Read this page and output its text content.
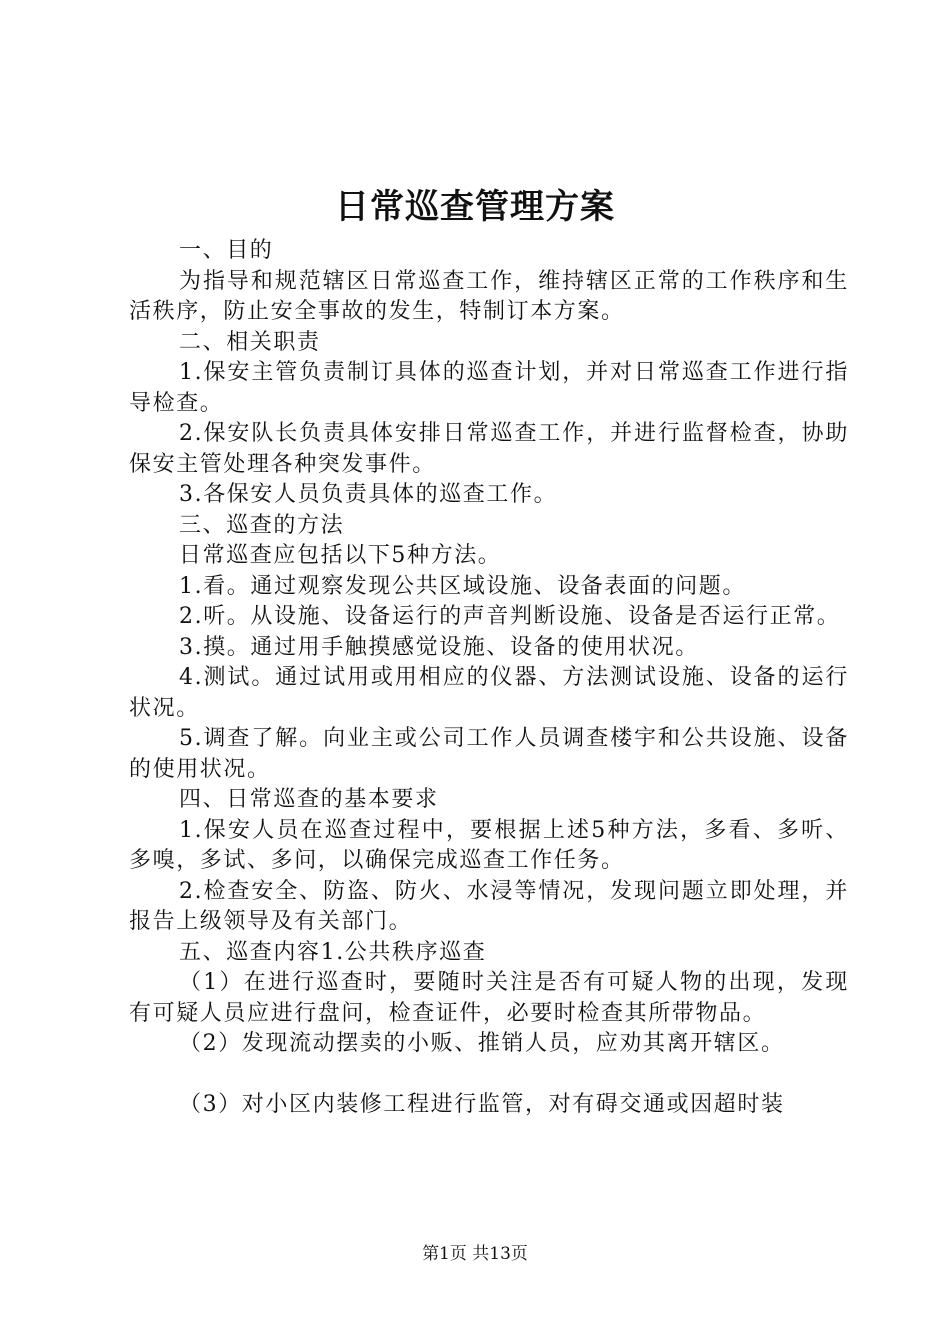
日常巡查管理方案

一、目的

为指导和规范辖区日常巡查工作，维持辖区正常的工作秩序和生活秩序，防止安全事故的发生，特制订本方案。

二、相关职责

1.保安主管负责制订具体的巡查计划，并对日常巡查工作进行指导检查。

2.保安队长负责具体安排日常巡查工作，并进行监督检查，协助保安主管处理各种突发事件。

3.各保安人员负责具体的巡查工作。

三、巡查的方法

日常巡查应包括以下5种方法。

1.看。通过观察发现公共区域设施、设备表面的问题。

2.听。从设施、设备运行的声音判断设施、设备是否运行正常。

3.摸。通过用手触摸感觉设施、设备的使用状况。

4.测试。通过试用或用相应的仪器、方法测试设施、设备的运行状况。

5.调查了解。向业主或公司工作人员调查楼宇和公共设施、设备的使用状况。

四、日常巡查的基本要求

1.保安人员在巡查过程中，要根据上述5种方法，多看、多听、多嗅，多试、多问，以确保完成巡查工作任务。

2.检查安全、防盗、防火、水浸等情况，发现问题立即处理，并报告上级领导及有关部门。

五、巡查内容1.公共秩序巡查

（1）在进行巡查时，要随时关注是否有可疑人物的出现，发现有可疑人员应进行盘问，检查证件，必要时检查其所带物品。

（2）发现流动摆卖的小贩、推销人员，应劝其离开辖区。

（3）对小区内装修工程进行监管，对有碍交通或因超时装

第1页 共13页
